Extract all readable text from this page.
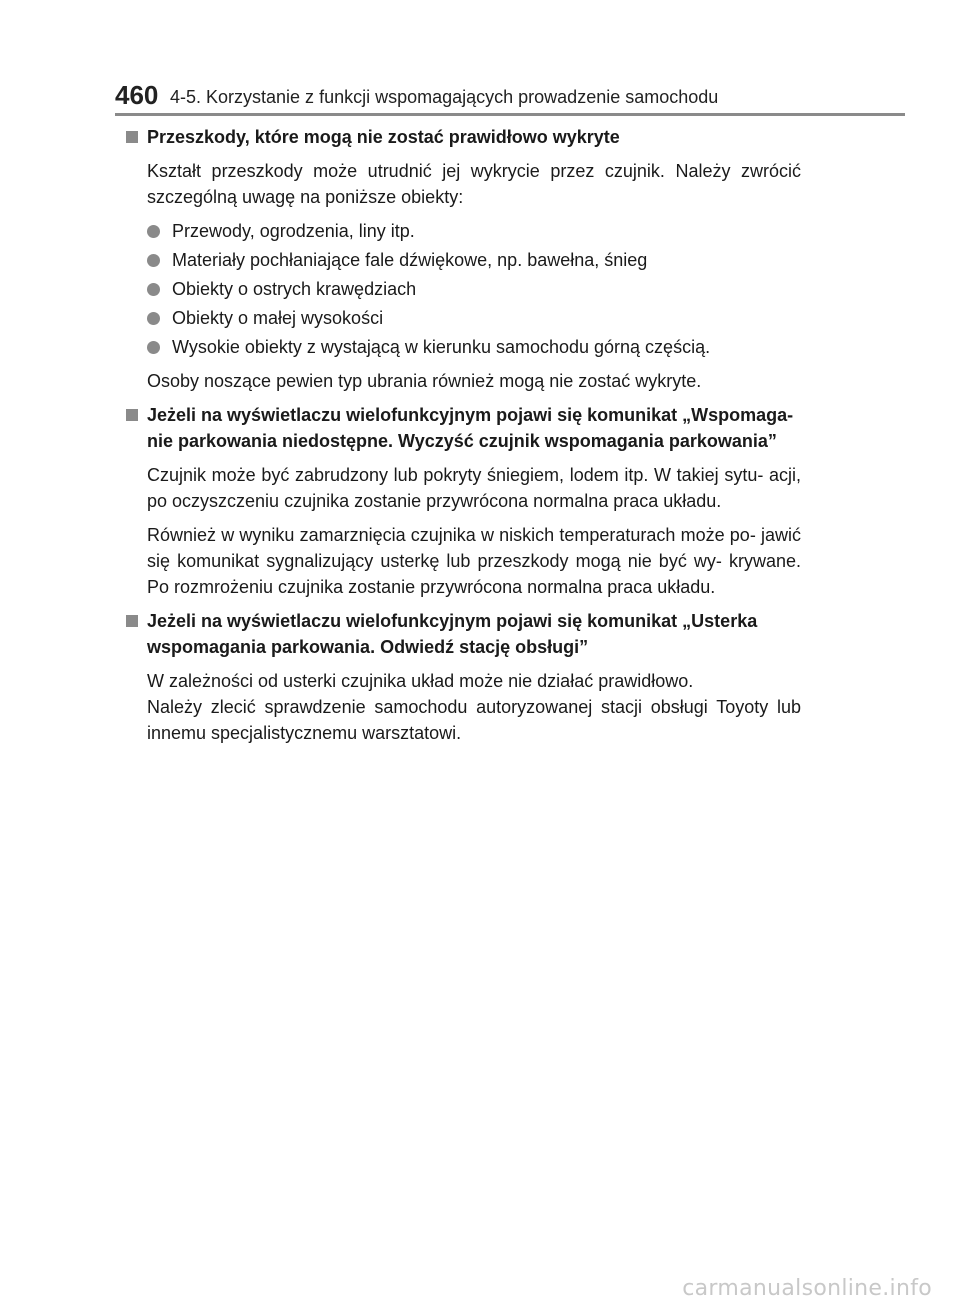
460 4-5. Korzystanie z funkcji wspomagających prowadzenie samochodu
Przeszkody, które mogą nie zostać prawidłowo wykryte

Kształt przeszkody może utrudnić jej wykrycie przez czujnik. Należy zwrócić szczególną uwagę na poniższe obiekty:

Przewody, ogrodzenia, liny itp.
Materiały pochłaniające fale dźwiękowe, np. bawełna, śnieg
Obiekty o ostrych krawędziach
Obiekty o małej wysokości
Wysokie obiekty z wystającą w kierunku samochodu górną częścią.

Osoby noszące pewien typ ubrania również mogą nie zostać wykryte.

Jeżeli na wyświetlaczu wielofunkcyjnym pojawi się komunikat „Wspomaga- nie parkowania niedostępne. Wyczyść czujnik wspomagania parkowania”

Czujnik może być zabrudzony lub pokryty śniegiem, lodem itp. W takiej sytu- acji, po oczyszczeniu czujnika zostanie przywrócona normalna praca układu.

Również w wyniku zamarznięcia czujnika w niskich temperaturach może po- jawić się komunikat sygnalizujący usterkę lub przeszkody mogą nie być wy- krywane. Po rozmrożeniu czujnika zostanie przywrócona normalna praca układu.

Jeżeli na wyświetlaczu wielofunkcyjnym pojawi się komunikat „Usterka wspomagania parkowania. Odwiedź stację obsługi”

W zależności od usterki czujnika układ może nie działać prawidłowo.

Należy zlecić sprawdzenie samochodu autoryzowanej stacji obsługi Toyoty lub innemu specjalistycznemu warsztatowi.

carmanualsonline.info
